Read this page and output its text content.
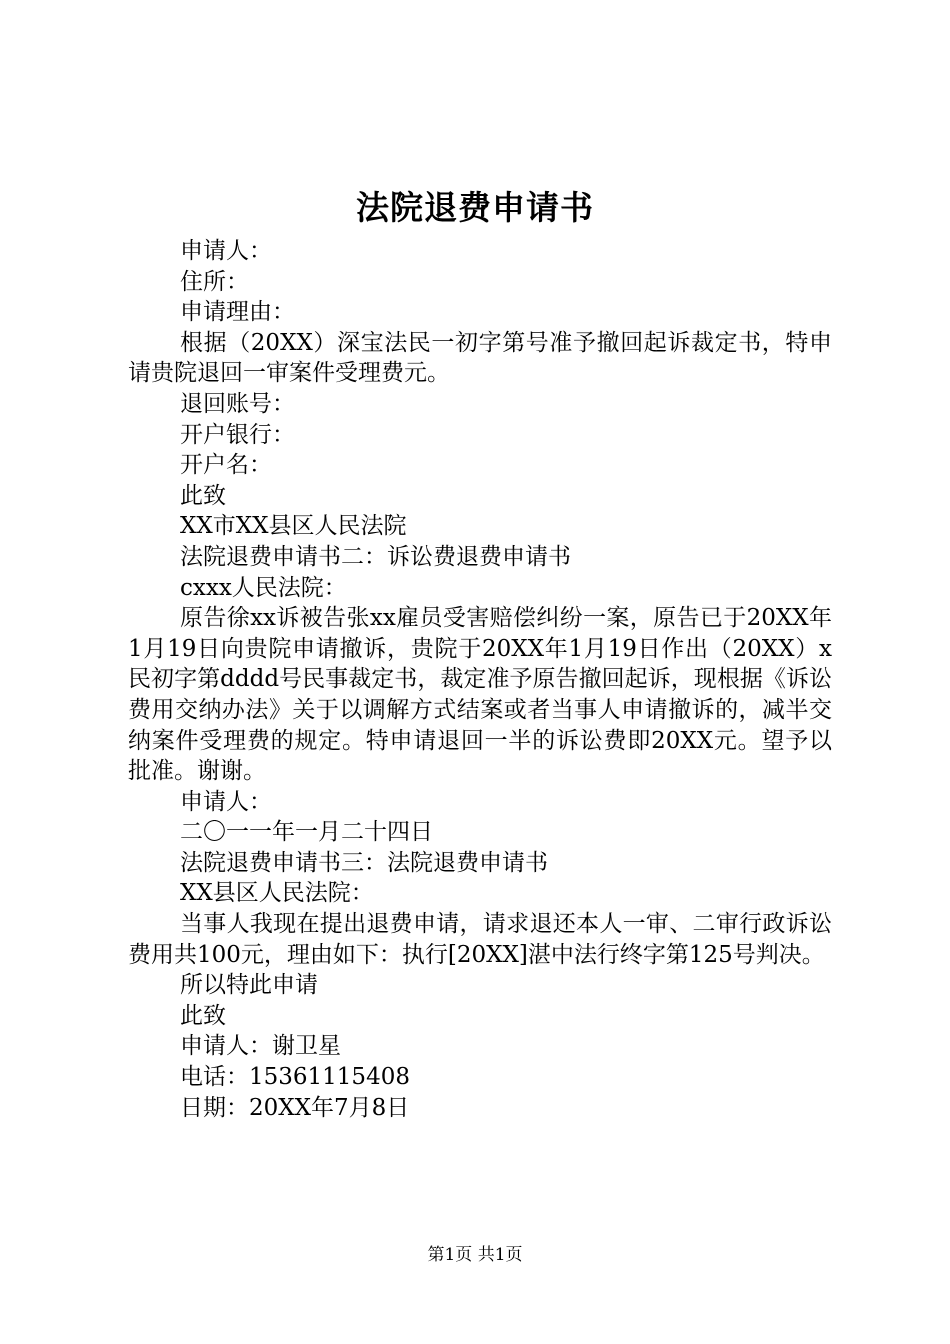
法院退费申请书

申请人：

住所：

申请理由：

根据（20XX）深宝法民一初字第号准予撤回起诉裁定书，特申请贵院退回一审案件受理费元。

退回账号：

开户银行：

开户名：

此致

XX市XX县区人民法院

法院退费申请书二：诉讼费退费申请书

cxxx人民法院：

原告徐xx诉被告张xx雇员受害赔偿纠纷一案，原告已于20XX年1月19日向贵院申请撤诉，贵院于20XX年1月19日作出（20XX）x民初字第dddd号民事裁定书，裁定准予原告撤回起诉，现根据《诉讼费用交纳办法》关于以调解方式结案或者当事人申请撤诉的，减半交纳案件受理费的规定。特申请退回一半的诉讼费即20XX元。望予以批准。谢谢。

申请人：

二〇一一年一月二十四日

法院退费申请书三：法院退费申请书

XX县区人民法院：

当事人我现在提出退费申请，请求退还本人一审、二审行政诉讼费用共100元，理由如下：执行[20XX]湛中法行终字第125号判决。

所以特此申请

此致

申请人：谢卫星

电话：15361115408

日期：20XX年7月8日

第1页 共1页
